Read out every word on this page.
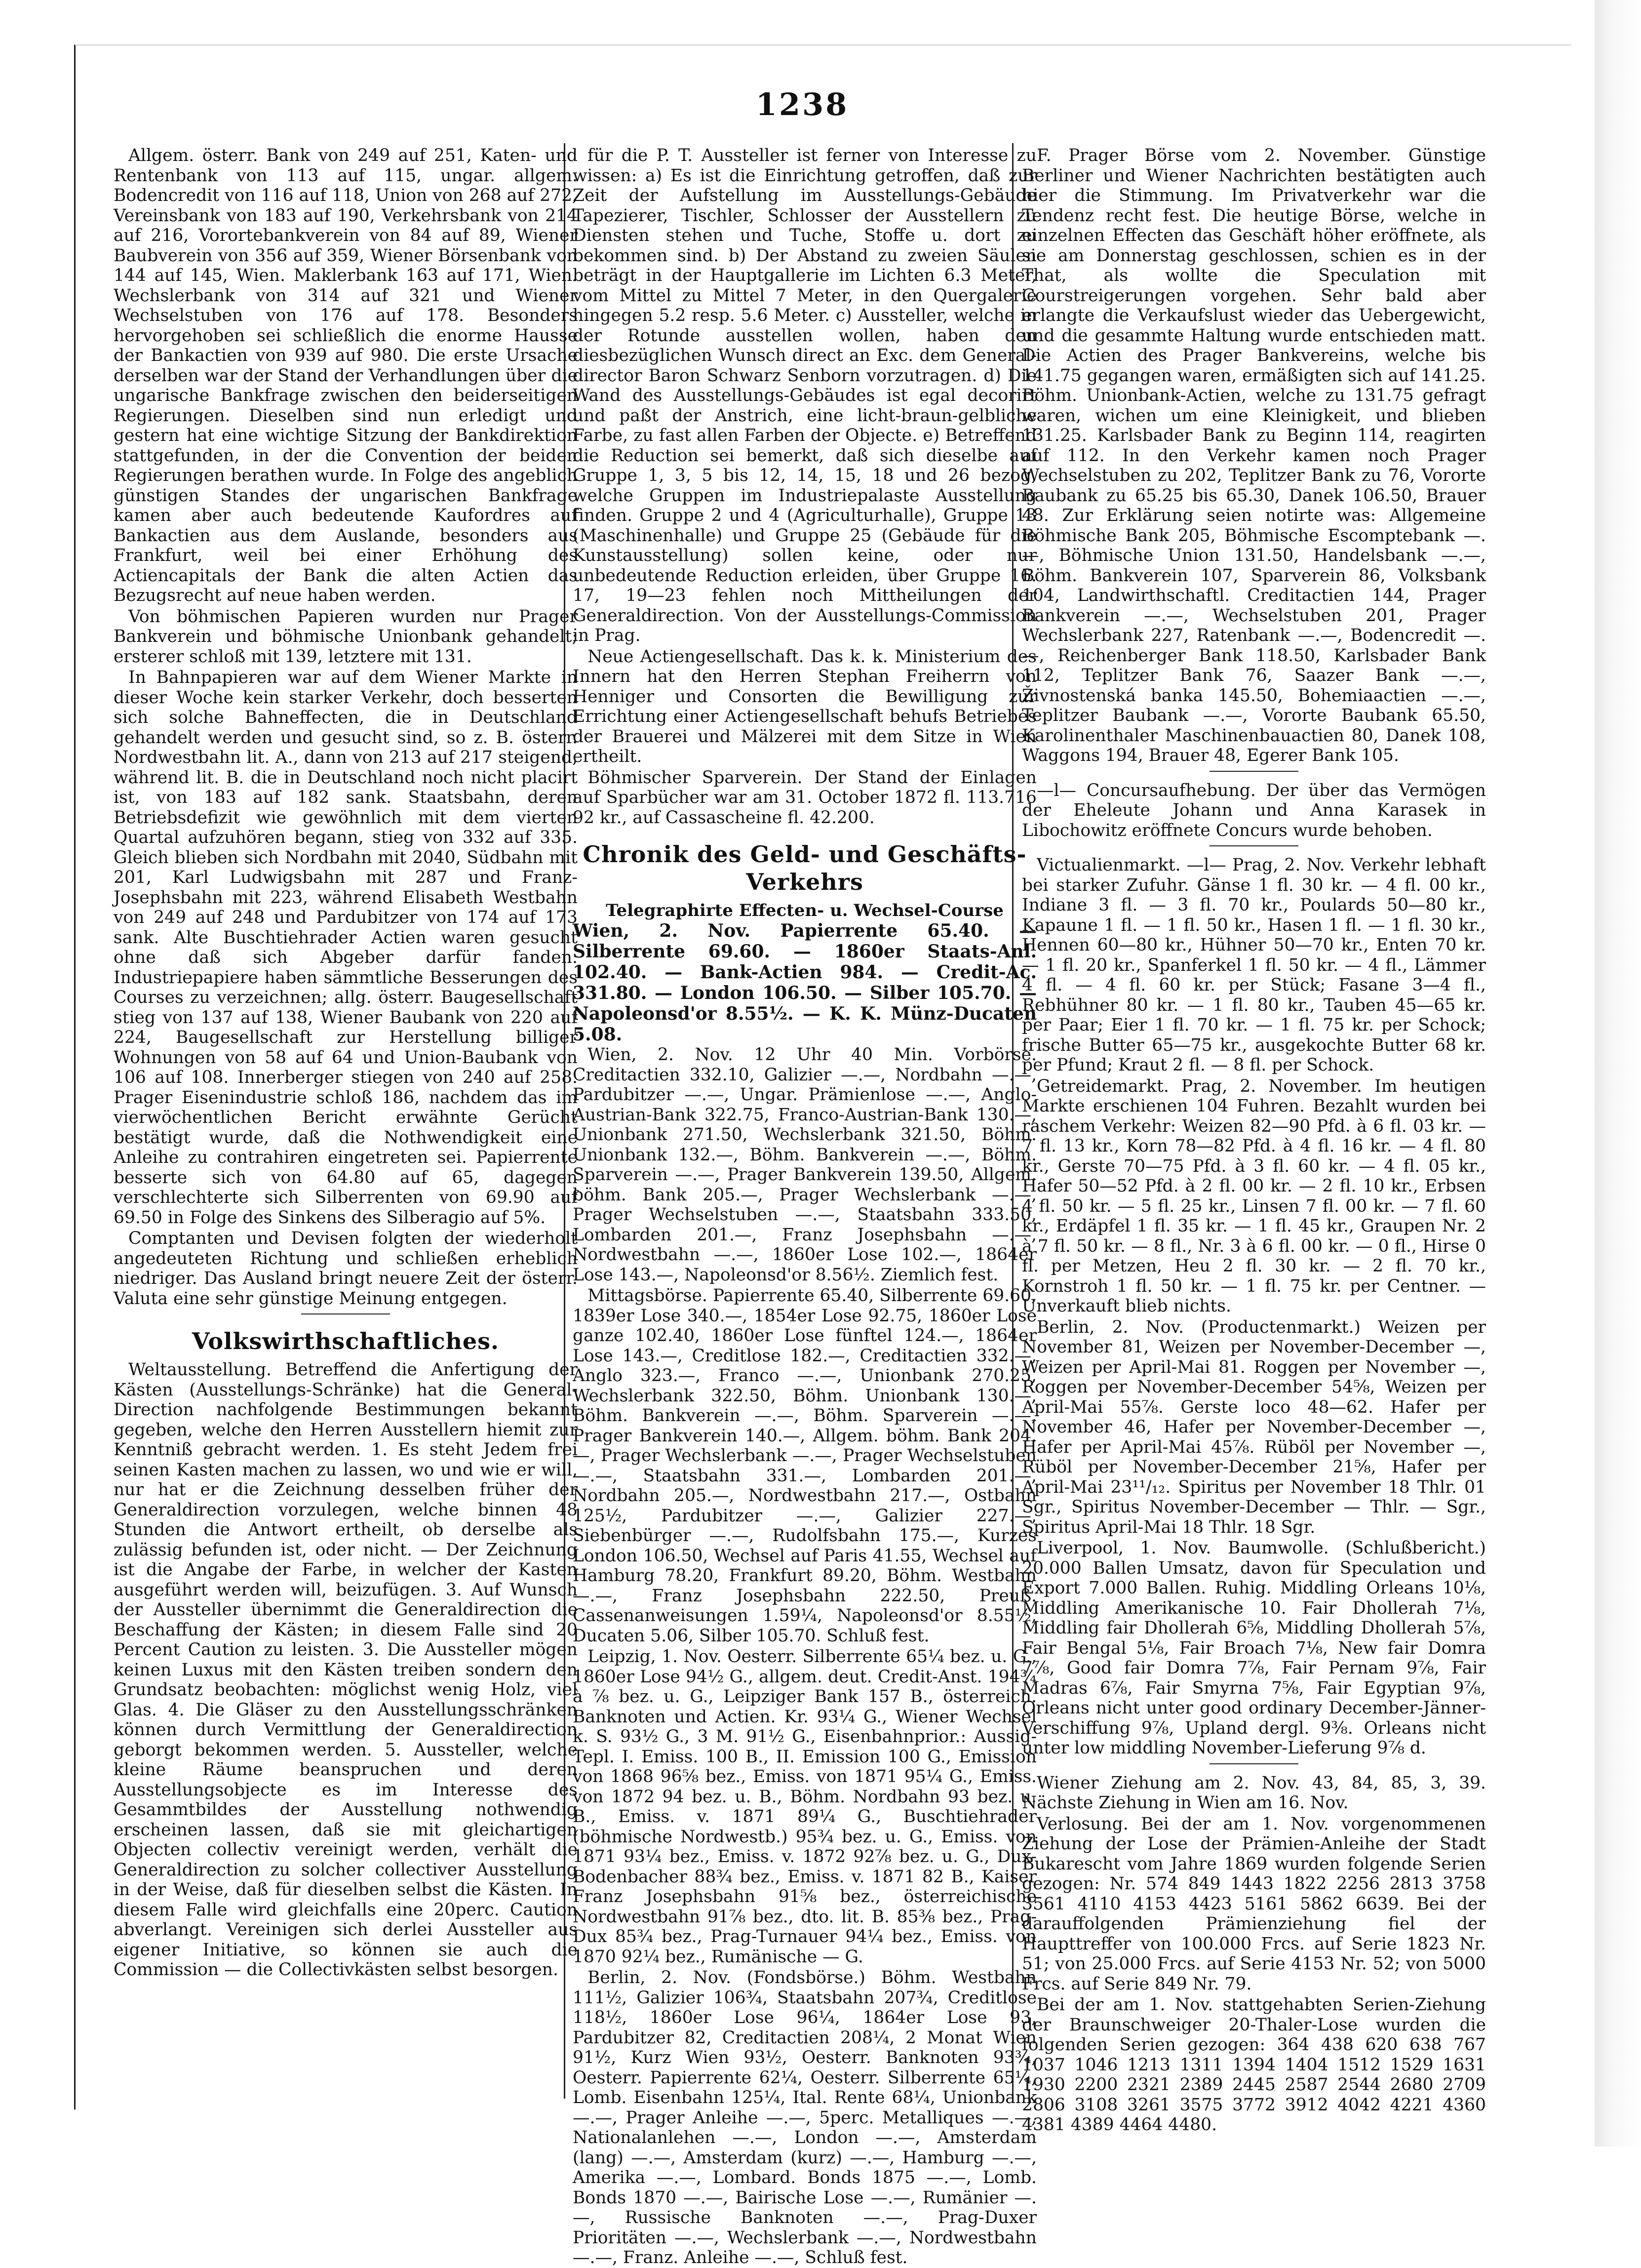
1238

Allgem. österr. Bank von 249 auf 251, Katen- und Rentenbank von 113 auf 115, ungar. allgem. Bodencredit von 116 auf 118, Union von 268 auf 272, Vereinsbank von 183 auf 190, Verkehrsbank von 214 auf 216, Vorortebankverein von 84 auf 89, Wiener Baubverein von 356 auf 359, Wiener Börsenbank von 144 auf 145, Wien. Maklerbank 163 auf 171, Wien. Wechslerbank von 314 auf 321 und Wiener Wechselstuben von 176 auf 178. Besonders hervorgehoben sei schließlich die enorme Hausse der Bankactien von 939 auf 980. Die erste Ursache derselben war der Stand der Verhandlungen über die ungarische Bankfrage zwischen den beiderseitigen Regierungen. Dieselben sind nun erledigt und gestern hat eine wichtige Sitzung der Bankdirektion stattgefunden, in der die Convention der beiden Regierungen berathen wurde. In Folge des angeblich günstigen Standes der ungarischen Bankfrage kamen aber auch bedeutende Kaufordres auf Bankactien aus dem Auslande, besonders aus Frankfurt, weil bei einer Erhöhung des Actiencapitals der Bank die alten Actien das Bezugsrecht auf neue haben werden.

Von böhmischen Papieren wurden nur Prager Bankverein und böhmische Unionbank gehandelt; ersterer schloß mit 139, letztere mit 131.

In Bahnpapieren war auf dem Wiener Markte in dieser Woche kein starker Verkehr, doch besserten sich solche Bahneffecten, die in Deutschland gehandelt werden und gesucht sind, so z. B. österr. Nordwestbahn lit. A., dann von 213 auf 217 steigend, während lit. B. die in Deutschland noch nicht placirt ist, von 183 auf 182 sank. Staatsbahn, deren Betriebsdefizit wie gewöhnlich mit dem vierten Quartal aufzuhören begann, stieg von 332 auf 335. Gleich blieben sich Nordbahn mit 2040, Südbahn mit 201, Karl Ludwigsbahn mit 287 und Franz-Josephsbahn mit 223, während Elisabeth Westbahn von 249 auf 248 und Pardubitzer von 174 auf 173 sank. Alte Buschtiehrader Actien waren gesucht ohne daß sich Abgeber darfür fanden. Industriepapiere haben sämmtliche Besserungen des Courses zu verzeichnen; allg. österr. Baugesellschaft stieg von 137 auf 138, Wiener Baubank von 220 auf 224, Baugesellschaft zur Herstellung billiger Wohnungen von 58 auf 64 und Union-Baubank von 106 auf 108. Innerberger stiegen von 240 auf 258. Prager Eisenindustrie schloß 186, nachdem das im vierwöchentlichen Bericht erwähnte Gerücht bestätigt wurde, daß die Nothwendigkeit eine Anleihe zu contrahiren eingetreten sei. Papierrente besserte sich von 64.80 auf 65, dagegen verschlechterte sich Silberrenten von 69.90 auf 69.50 in Folge des Sinkens des Silberagio auf 5%.

Comptanten und Devisen folgten der wiederholt angedeuteten Richtung und schließen erheblich niedriger. Das Ausland bringt neuere Zeit der österr. Valuta eine sehr günstige Meinung entgegen.

Volkswirthschaftliches.

Weltausstellung. Betreffend die Anfertigung der Kästen (Ausstellungs-Schränke) hat die General-Direction nachfolgende Bestimmungen bekannt gegeben, welche den Herren Ausstellern hiemit zur Kenntniß gebracht werden. 1. Es steht Jedem frei seinen Kasten machen zu lassen, wo und wie er will, nur hat er die Zeichnung desselben früher der Generaldirection vorzulegen, welche binnen 48 Stunden die Antwort ertheilt, ob derselbe als zulässig befunden ist, oder nicht. — Der Zeichnung ist die Angabe der Farbe, in welcher der Kasten ausgeführt werden will, beizufügen. 3. Auf Wunsch der Aussteller übernimmt die Generaldirection die Beschaffung der Kästen; in diesem Falle sind 20 Percent Caution zu leisten. 3. Die Aussteller mögen keinen Luxus mit den Kästen treiben sondern den Grundsatz beobachten: möglichst wenig Holz, viel Glas. 4. Die Gläser zu den Ausstellungsschränken können durch Vermittlung der Generaldirection geborgt bekommen werden. 5. Aussteller, welche kleine Räume beanspruchen und deren Ausstellungsobjecte es im Interesse des Gesammtbildes der Ausstellung nothwendig erscheinen lassen, daß sie mit gleichartigen Objecten collectiv vereinigt werden, verhält die Generaldirection zu solcher collectiver Ausstellung in der Weise, daß für dieselben selbst die Kästen. In diesem Falle wird gleichfalls eine 20perc. Caution abverlangt. Vereinigen sich derlei Aussteller aus eigener Initiative, so können sie auch die Commission — die Collectivkästen selbst besorgen.

für die P. T. Aussteller ist ferner von Interesse zu wissen: a) Es ist die Einrichtung getroffen, daß zur Zeit der Aufstellung im Ausstellungs-Gebäude Tapezierer, Tischler, Schlosser der Ausstellern zu Diensten stehen und Tuche, Stoffe u. dort zu bekommen sind. b) Der Abstand zu zweien Säulen beträgt in der Hauptgallerie im Lichten 6.3 Meter, vom Mittel zu Mittel 7 Meter, in den Quergalerie hingegen 5.2 resp. 5.6 Meter. c) Aussteller, welche in der Rotunde ausstellen wollen, haben den diesbezüglichen Wunsch direct an Exc. dem General-director Baron Schwarz Senborn vorzutragen. d) Die Wand des Ausstellungs-Gebäudes ist egal decorirt und paßt der Anstrich, eine licht-braun-gelbliche Farbe, zu fast allen Farben der Objecte. e) Betreffend die Reduction sei bemerkt, daß sich dieselbe auf Gruppe 1, 3, 5 bis 12, 14, 15, 18 und 26 bezog, welche Gruppen im Industriepalaste Ausstellung finden. Gruppe 2 und 4 (Agriculturhalle), Gruppe 13 (Maschinenhalle) und Gruppe 25 (Gebäude für die Kunstausstellung) sollen keine, oder nur unbedeutende Reduction erleiden, über Gruppe 16. 17, 19—23 fehlen noch Mittheilungen der Generaldirection. Von der Ausstellungs-Commission in Prag.

Neue Actiengesellschaft. Das k. k. Ministerium des Innern hat den Herren Stephan Freiherrn von Henniger und Consorten die Bewilligung zur Errichtung einer Actiengesellschaft behufs Betriebes der Brauerei und Mälzerei mit dem Sitze in Wien ertheilt.

Böhmischer Sparverein. Der Stand der Einlagen auf Sparbücher war am 31. October 1872 fl. 113.716 92 kr., auf Cassascheine fl. 42.200.

Chronik des Geld- und Geschäfts-Verkehrs
Telegraphirte Effecten- u. Wechsel-Course

Wien, 2. Nov. Papierrente 65.40. — Silberrente 69.60. — 1860er Staats-Anl. 102.40. — Bank-Actien 984. — Credit-Ac. 331.80. — London 106.50. — Silber 105.70. — Napoleonsd'or 8.55½. — K. K. Münz-Ducaten 5.08.

Wien, 2. Nov. 12 Uhr 40 Min. Vorbörse. Creditactien 332.10, Galizier —.—, Nordbahn —.—, Pardubitzer —.—, Ungar. Prämienlose —.—, Anglo-Austrian-Bank 322.75, Franco-Austrian-Bank 130.—, Unionbank 271.50, Wechslerbank 321.50, Böhm. Unionbank 132.—, Böhm. Bankverein —.—, Böhm. Sparverein —.—, Prager Bankverein 139.50, Allgem. böhm. Bank 205.—, Prager Wechslerbank —.—, Prager Wechselstuben —.—, Staatsbahn 333.50, Lombarden 201.—, Franz Josephsbahn —.—, Nordwestbahn —.—, 1860er Lose 102.—, 1864er Lose 143.—, Napoleonsd'or 8.56½. Ziemlich fest.

Mittagsbörse. Papierrente 65.40, Silberrente 69.60, 1839er Lose 340.—, 1854er Lose 92.75, 1860er Lose ganze 102.40, 1860er Lose fünftel 124.—, 1864er Lose 143.—, Creditlose 182.—, Creditactien 332.—, Anglo 323.—, Franco —.—, Unionbank 270.25, Wechslerbank 322.50, Böhm. Unionbank 130.—, Böhm. Bankverein —.—, Böhm. Sparverein —.—, Prager Bankverein 140.—, Allgem. böhm. Bank 204.—, Prager Wechslerbank —.—, Prager Wechselstuben —.—, Staatsbahn 331.—, Lombarden 201.—, Nordbahn 205.—, Nordwestbahn 217.—, Ostbahn 125½, Pardubitzer —.—, Galizier 227.—, Siebenbürger —.—, Rudolfsbahn 175.—, Kurzes London 106.50, Wechsel auf Paris 41.55, Wechsel auf Hamburg 78.20, Frankfurt 89.20, Böhm. Westbahn —.—, Franz Josephsbahn 222.50, Preuß. Cassenanweisungen 1.59¼, Napoleonsd'or 8.55½, Ducaten 5.06, Silber 105.70. Schluß fest.

Leipzig, 1. Nov. Oesterr. Silberrente 65¼ bez. u. G., 1860er Lose 94½ G., allgem. deut. Credit-Anst. 194¾ à ⅞ bez. u. G., Leipziger Bank 157 B., österreich. Banknoten und Actien. Kr. 93¼ G., Wiener Wechsel k. S. 93½ G., 3 M. 91½ G., Eisenbahnprior.: Aussig-Tepl. I. Emiss. 100 B., II. Emission 100 G., Emission von 1868 96⅝ bez., Emiss. von 1871 95¼ G., Emiss. von 1872 94 bez. u. B., Böhm. Nordbahn 93 bez. u. B., Emiss. v. 1871 89¼ G., Buschtiehrader (böhmische Nordwestb.) 95¾ bez. u. G., Emiss. von 1871 93¼ bez., Emiss. v. 1872 92⅞ bez. u. G., Dux-Bodenbacher 88¾ bez., Emiss. v. 1871 82 B., Kaiser Franz Josephsbahn 91⅝ bez., österreichische Nordwestbahn 91⅞ bez., dto. lit. B. 85⅜ bez., Prag-Dux 85¾ bez., Prag-Turnauer 94¼ bez., Emiss. von 1870 92¼ bez., Rumänische — G.

Berlin, 2. Nov. (Fondsbörse.) Böhm. Westbahn 111½, Galizier 106¾, Staatsbahn 207¾, Creditlose 118½, 1860er Lose 96¼, 1864er Lose 93, Pardubitzer 82, Creditactien 208¼, 2 Monat Wien 91½, Kurz Wien 93½, Oesterr. Banknoten 93¾, Oesterr. Papierrente 62¼, Oesterr. Silberrente 65¼, Lomb. Eisenbahn 125¼, Ital. Rente 68¼, Unionbank —.—, Prager Anleihe —.—, 5perc. Metalliques —.—, Nationalanlehen —.—, London —.—, Amsterdam (lang) —.—, Amsterdam (kurz) —.—, Hamburg —.—, Amerika —.—, Lombard. Bonds 1875 —.—, Lomb. Bonds 1870 —.—, Bairische Lose —.—, Rumänier —.—, Russische Banknoten —.—, Prag-Duxer Prioritäten —.—, Wechslerbank —.—, Nordwestbahn —.—, Franz. Anleihe —.—, Schluß fest.

F. Prager Börse vom 2. November. Günstige Berliner und Wiener Nachrichten bestätigten auch hier die Stimmung. Im Privatverkehr war die Tendenz recht fest. Die heutige Börse, welche in einzelnen Effecten das Geschäft höher eröffnete, als sie am Donnerstag geschlossen, schien es in der That, als wollte die Speculation mit Courstreigerungen vorgehen. Sehr bald aber erlangte die Verkaufslust wieder das Uebergewicht, und die gesammte Haltung wurde entschieden matt. Die Actien des Prager Bankvereins, welche bis 141.75 gegangen waren, ermäßigten sich auf 141.25. Böhm. Unionbank-Actien, welche zu 131.75 gefragt waren, wichen um eine Kleinigkeit, und blieben 131.25. Karlsbader Bank zu Beginn 114, reagirten auf 112. In den Verkehr kamen noch Prager Wechselstuben zu 202, Teplitzer Bank zu 76, Vororte Baubank zu 65.25 bis 65.30, Danek 106.50, Brauer 48. Zur Erklärung seien notirte was: Allgemeine Böhmische Bank 205, Böhmische Escomptebank —.—, Böhmische Union 131.50, Handelsbank —.—, Böhm. Bankverein 107, Sparverein 86, Volksbank 104, Landwirthschaftl. Creditactien 144, Prager Bankverein —.—, Wechselstuben 201, Prager Wechslerbank 227, Ratenbank —.—, Bodencredit —.—, Reichenberger Bank 118.50, Karlsbader Bank 112, Teplitzer Bank 76, Saazer Bank —.—, Živnostenská banka 145.50, Bohemiaactien —.—, Teplitzer Baubank —.—, Vororte Baubank 65.50, Karolinenthaler Maschinenbauactien 80, Danek 108, Waggons 194, Brauer 48, Egerer Bank 105.

—l— Concursaufhebung. Der über das Vermögen der Eheleute Johann und Anna Karasek in Libochowitz eröffnete Concurs wurde behoben.

Victualienmarkt. —l— Prag, 2. Nov. Verkehr lebhaft bei starker Zufuhr. Gänse 1 fl. 30 kr. — 4 fl. 00 kr., Indiane 3 fl. — 3 fl. 70 kr., Poulards 50—80 kr., Kapaune 1 fl. — 1 fl. 50 kr., Hasen 1 fl. — 1 fl. 30 kr., Hennen 60—80 kr., Hühner 50—70 kr., Enten 70 kr. — 1 fl. 20 kr., Spanferkel 1 fl. 50 kr. — 4 fl., Lämmer 4 fl. — 4 fl. 60 kr. per Stück; Fasane 3—4 fl., Rebhühner 80 kr. — 1 fl. 80 kr., Tauben 45—65 kr. per Paar; Eier 1 fl. 70 kr. — 1 fl. 75 kr. per Schock; frische Butter 65—75 kr., ausgekochte Butter 68 kr. per Pfund; Kraut 2 fl. — 8 fl. per Schock.

Getreidemarkt. Prag, 2. November. Im heutigen Markte erschienen 104 Fuhren. Bezahlt wurden bei raschem Verkehr: Weizen 82—90 Pfd. à 6 fl. 03 kr. — 7 fl. 13 kr., Korn 78—82 Pfd. à 4 fl. 16 kr. — 4 fl. 80 kr., Gerste 70—75 Pfd. à 3 fl. 60 kr. — 4 fl. 05 kr., Hafer 50—52 Pfd. à 2 fl. 00 kr. — 2 fl. 10 kr., Erbsen 4 fl. 50 kr. — 5 fl. 25 kr., Linsen 7 fl. 00 kr. — 7 fl. 60 kr., Erdäpfel 1 fl. 35 kr. — 1 fl. 45 kr., Graupen Nr. 2 à 7 fl. 50 kr. — 8 fl., Nr. 3 à 6 fl. 00 kr. — 0 fl., Hirse 0 fl. per Metzen, Heu 2 fl. 30 kr. — 2 fl. 70 kr., Kornstroh 1 fl. 50 kr. — 1 fl. 75 kr. per Centner. — Unverkauft blieb nichts.

Berlin, 2. Nov. (Productenmarkt.) Weizen per November 81, Weizen per November-December —, Weizen per April-Mai 81. Roggen per November —, Roggen per November-December 54⅝, Weizen per April-Mai 55⅞. Gerste loco 48—62. Hafer per November 46, Hafer per November-December —, Hafer per April-Mai 45⅞. Rüböl per November —, Rüböl per November-December 21⅝, Hafer per April-Mai 23¹¹/₁₂. Spiritus per November 18 Thlr. 01 Sgr., Spiritus November-December — Thlr. — Sgr., Spiritus April-Mai 18 Thlr. 18 Sgr.

Liverpool, 1. Nov. Baumwolle. (Schlußbericht.) 20.000 Ballen Umsatz, davon für Speculation und Export 7.000 Ballen. Ruhig. Middling Orleans 10⅛, Middling Amerikanische 10. Fair Dhollerah 7⅛, Middling fair Dhollerah 6⅝, Middling Dhollerah 5⅞, Fair Bengal 5⅛, Fair Broach 7⅛, New fair Domra 7⅞, Good fair Domra 7⅞, Fair Pernam 9⅞, Fair Madras 6⅞, Fair Smyrna 7⅝, Fair Egyptian 9⅞, Orleans nicht unter good ordinary December-Jänner-Verschiffung 9⅞, Upland dergl. 9⅜. Orleans nicht unter low middling November-Lieferung 9⅞ d.

Wiener Ziehung am 2. Nov. 43, 84, 85, 3, 39. Nächste Ziehung in Wien am 16. Nov.

Verlosung. Bei der am 1. Nov. vorgenommenen Ziehung der Lose der Prämien-Anleihe der Stadt Bukarescht vom Jahre 1869 wurden folgende Serien gezogen: Nr. 574 849 1443 1822 2256 2813 3758 3561 4110 4153 4423 5161 5862 6639. Bei der darauffolgenden Prämienziehung fiel der Haupttreffer von 100.000 Frcs. auf Serie 1823 Nr. 51; von 25.000 Frcs. auf Serie 4153 Nr. 52; von 5000 Frcs. auf Serie 849 Nr. 79.

Bei der am 1. Nov. stattgehabten Serien-Ziehung der Braunschweiger 20-Thaler-Lose wurden die folgenden Serien gezogen: 364 438 620 638 767 1037 1046 1213 1311 1394 1404 1512 1529 1631 1930 2200 2321 2389 2445 2587 2544 2680 2709 2806 3108 3261 3575 3772 3912 4042 4221 4360 4381 4389 4464 4480.
